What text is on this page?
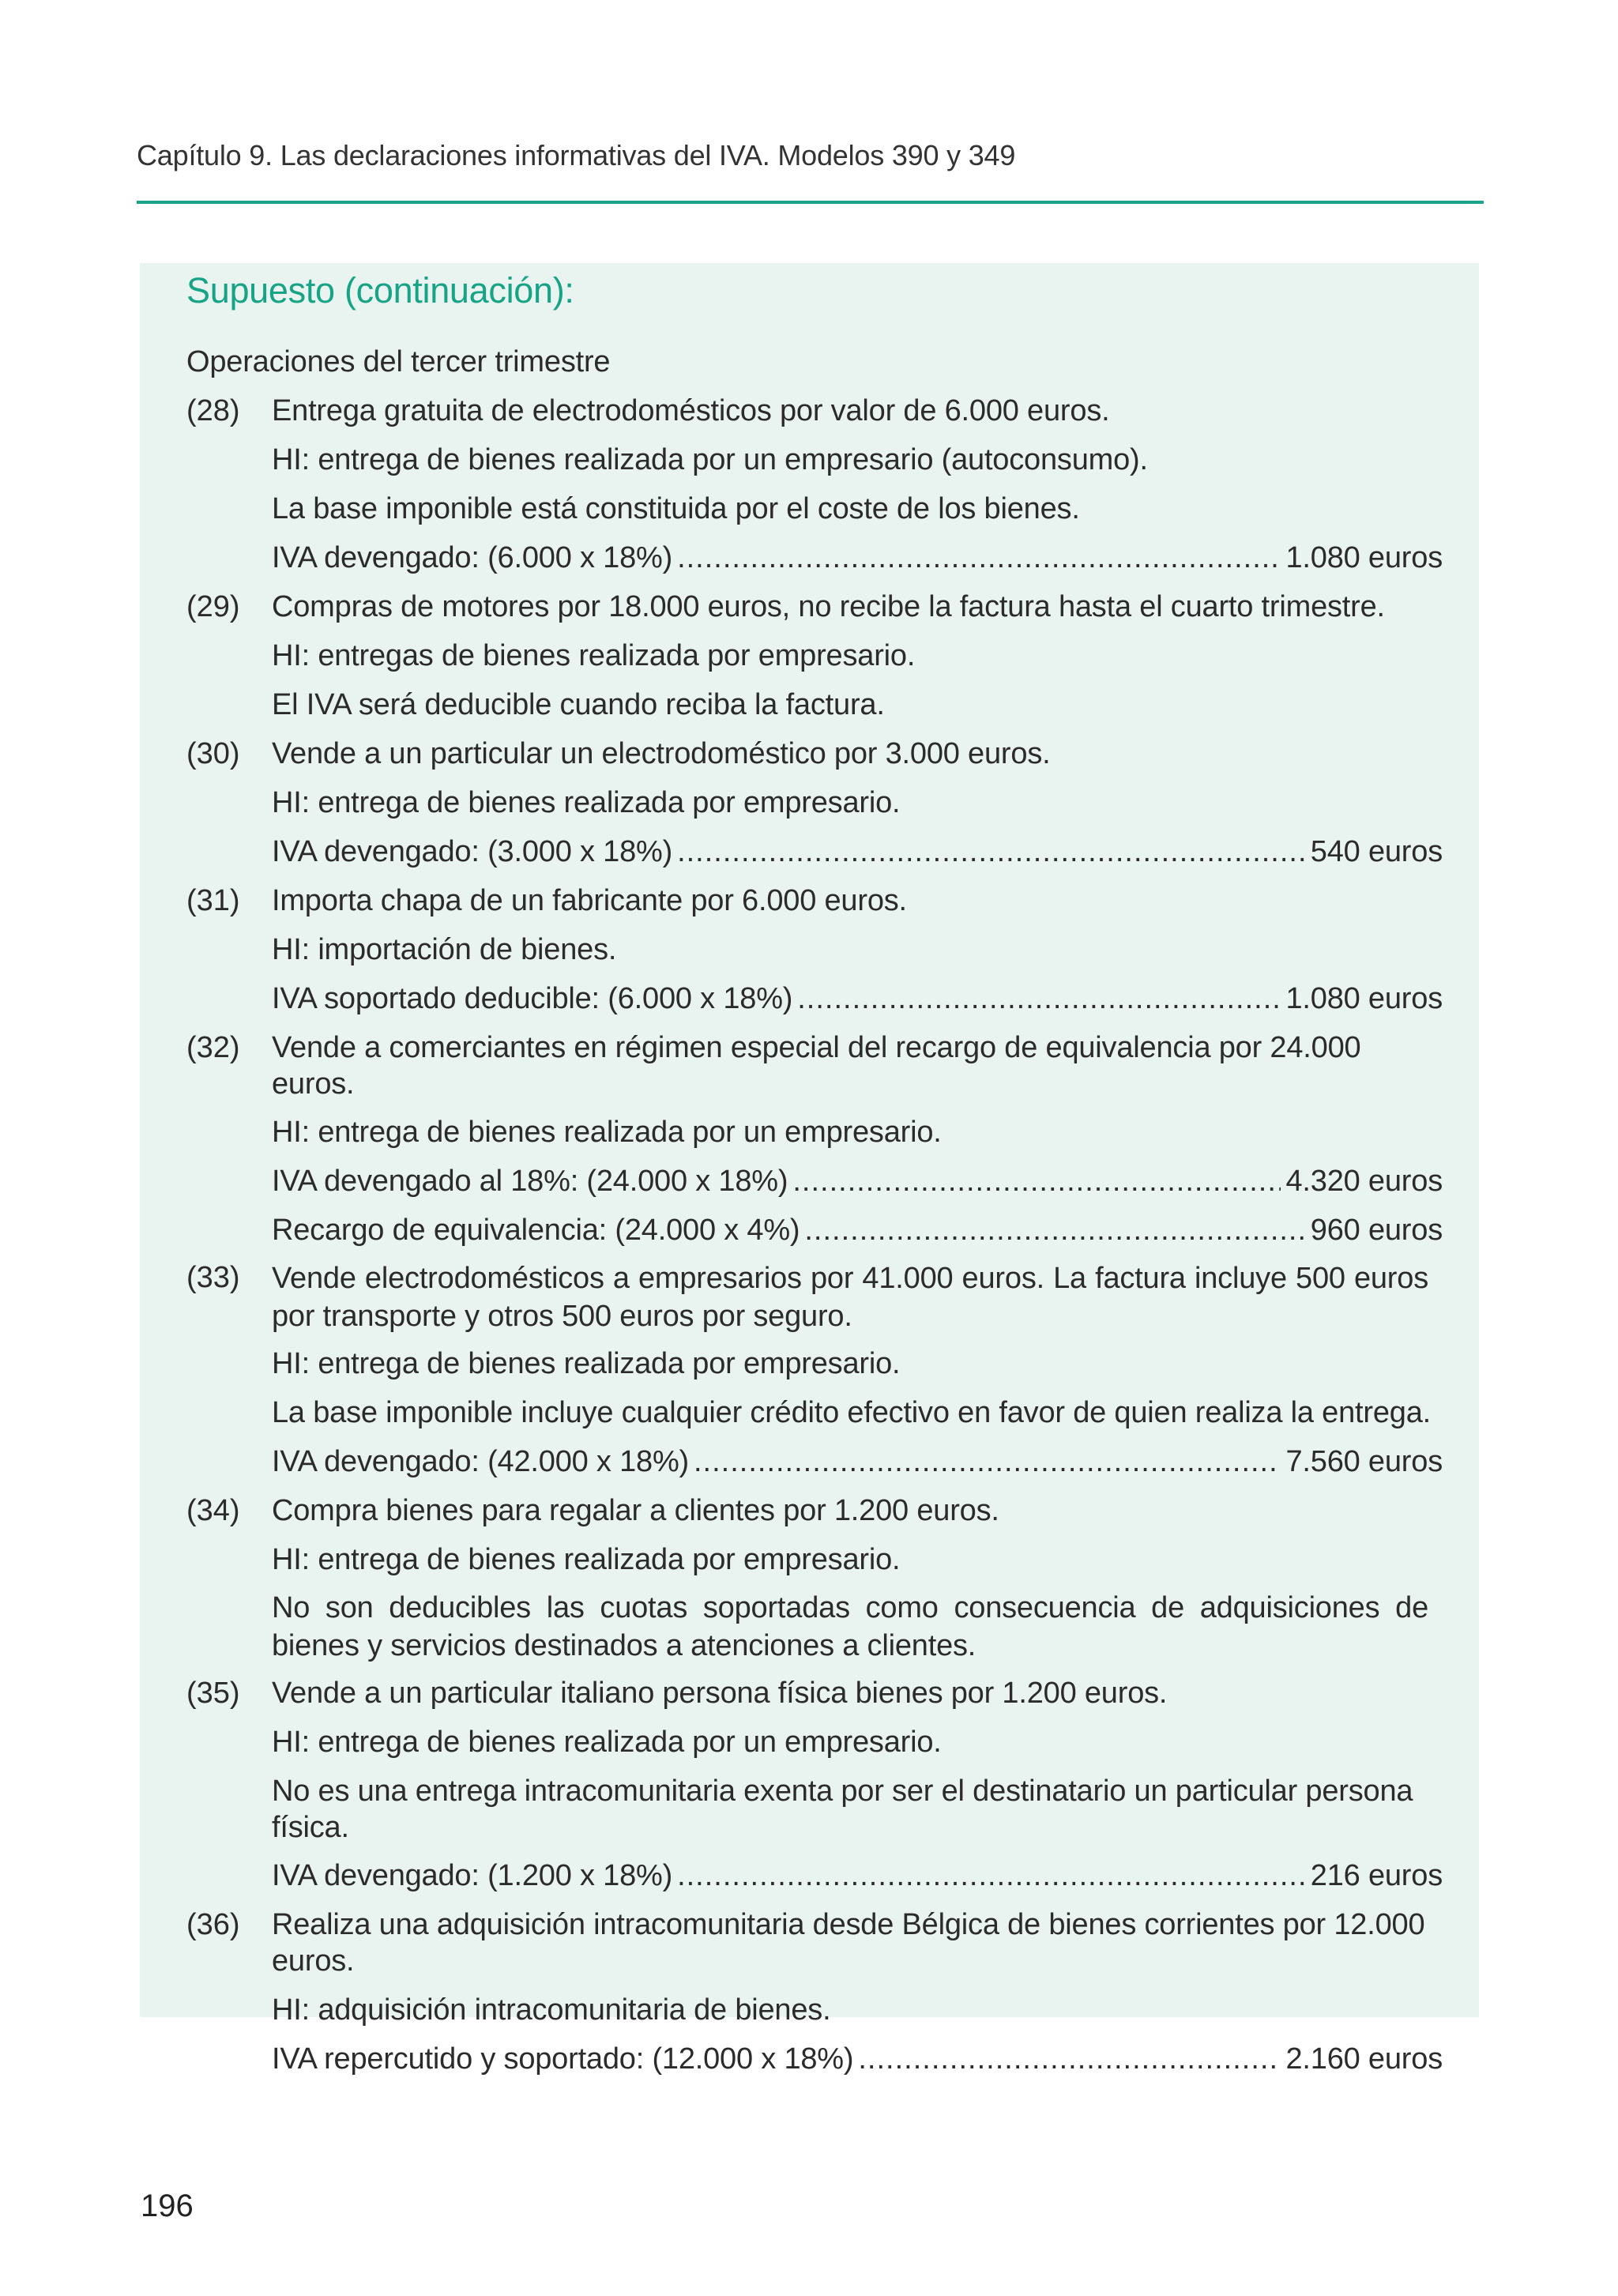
Capítulo 9. Las declaraciones informativas del IVA. Modelos 390 y 349
Supuesto (continuación):
Operaciones del tercer trimestre
(28)	Entrega gratuita de electrodomésticos por valor de 6.000 euros.
HI: entrega de bienes realizada por un empresario (autoconsumo).
La base imponible está constituida por el coste de los bienes.
IVA devengado: (6.000 x 18%) .....	1.080 euros
(29)	Compras de motores por 18.000 euros, no recibe la factura hasta el cuarto trimestre.
HI: entregas de bienes realizada por empresario.
El IVA será deducible cuando reciba la factura.
(30)	Vende a un particular un electrodoméstico por 3.000 euros.
HI: entrega de bienes realizada por empresario.
IVA devengado: (3.000 x 18%) .....	540 euros
(31)	Importa chapa de un fabricante por 6.000 euros.
HI: importación de bienes.
IVA soportado deducible: (6.000 x 18%) .....	1.080 euros
(32)	Vende a comerciantes en régimen especial del recargo de equivalencia por 24.000 euros.
HI: entrega de bienes realizada por un empresario.
IVA devengado al 18%: (24.000 x 18%) .....	4.320 euros
Recargo de equivalencia: (24.000 x 4%) .....	960 euros
(33)	Vende electrodomésticos a empresarios por 41.000 euros. La factura incluye 500 euros por transporte y otros 500 euros por seguro.
HI: entrega de bienes realizada por empresario.
La base imponible incluye cualquier crédito efectivo en favor de quien realiza la entrega.
IVA devengado: (42.000 x 18%) .....	7.560 euros
(34)	Compra bienes para regalar a clientes por 1.200 euros.
HI: entrega de bienes realizada por empresario.
No son deducibles las cuotas soportadas como consecuencia de adquisiciones de bienes y servicios destinados a atenciones a clientes.
(35)	Vende a un particular italiano persona física bienes por 1.200 euros.
HI: entrega de bienes realizada por un empresario.
No es una entrega intracomunitaria exenta por ser el destinatario un particular persona física.
IVA devengado: (1.200 x 18%) .....	216 euros
(36)	Realiza una adquisición intracomunitaria desde Bélgica de bienes corrientes por 12.000 euros.
HI: adquisición intracomunitaria de bienes.
IVA repercutido y soportado: (12.000 x 18%) .....	2.160 euros
196
